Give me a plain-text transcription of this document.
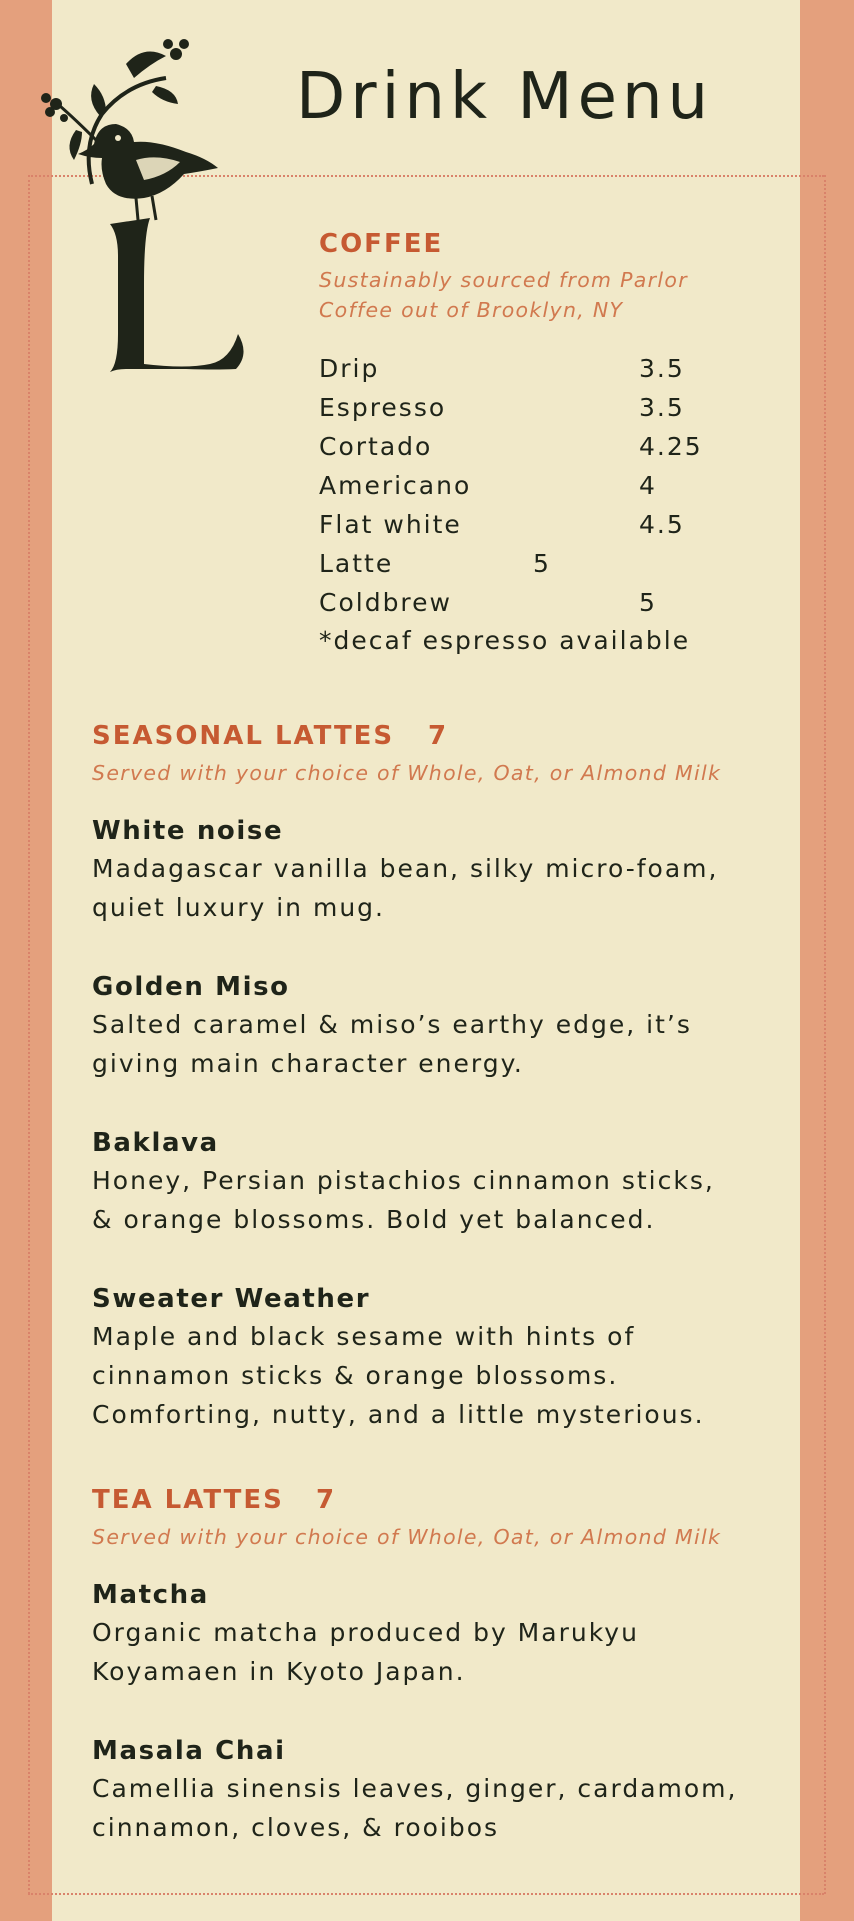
Drink Menu
COFFEE
Sustainably sourced from Parlor
Coffee out of Brooklyn, NY
Drip	3.5
Espresso	3.5
Cortado	4.25
Americano	4
Flat white	4.5
Latte	5
Coldbrew	5
*decaf espresso available
SEASONAL LATTES 7
Served with your choice of Whole, Oat, or Almond Milk
White noise
Madagascar vanilla bean, silky micro-foam,
quiet luxury in mug.
Golden Miso
Salted caramel & miso’s earthy edge, it’s
giving main character energy.
Baklava
Honey, Persian pistachios cinnamon sticks,
& orange blossoms. Bold yet balanced.
Sweater Weather
Maple and black sesame with hints of
cinnamon sticks & orange blossoms.
Comforting, nutty, and a little mysterious.
TEA LATTES 7
Served with your choice of Whole, Oat, or Almond Milk
Matcha
Organic matcha produced by Marukyu
Koyamaen in Kyoto Japan.
Masala Chai
Camellia sinensis leaves, ginger, cardamom,
cinnamon, cloves, & rooibos
